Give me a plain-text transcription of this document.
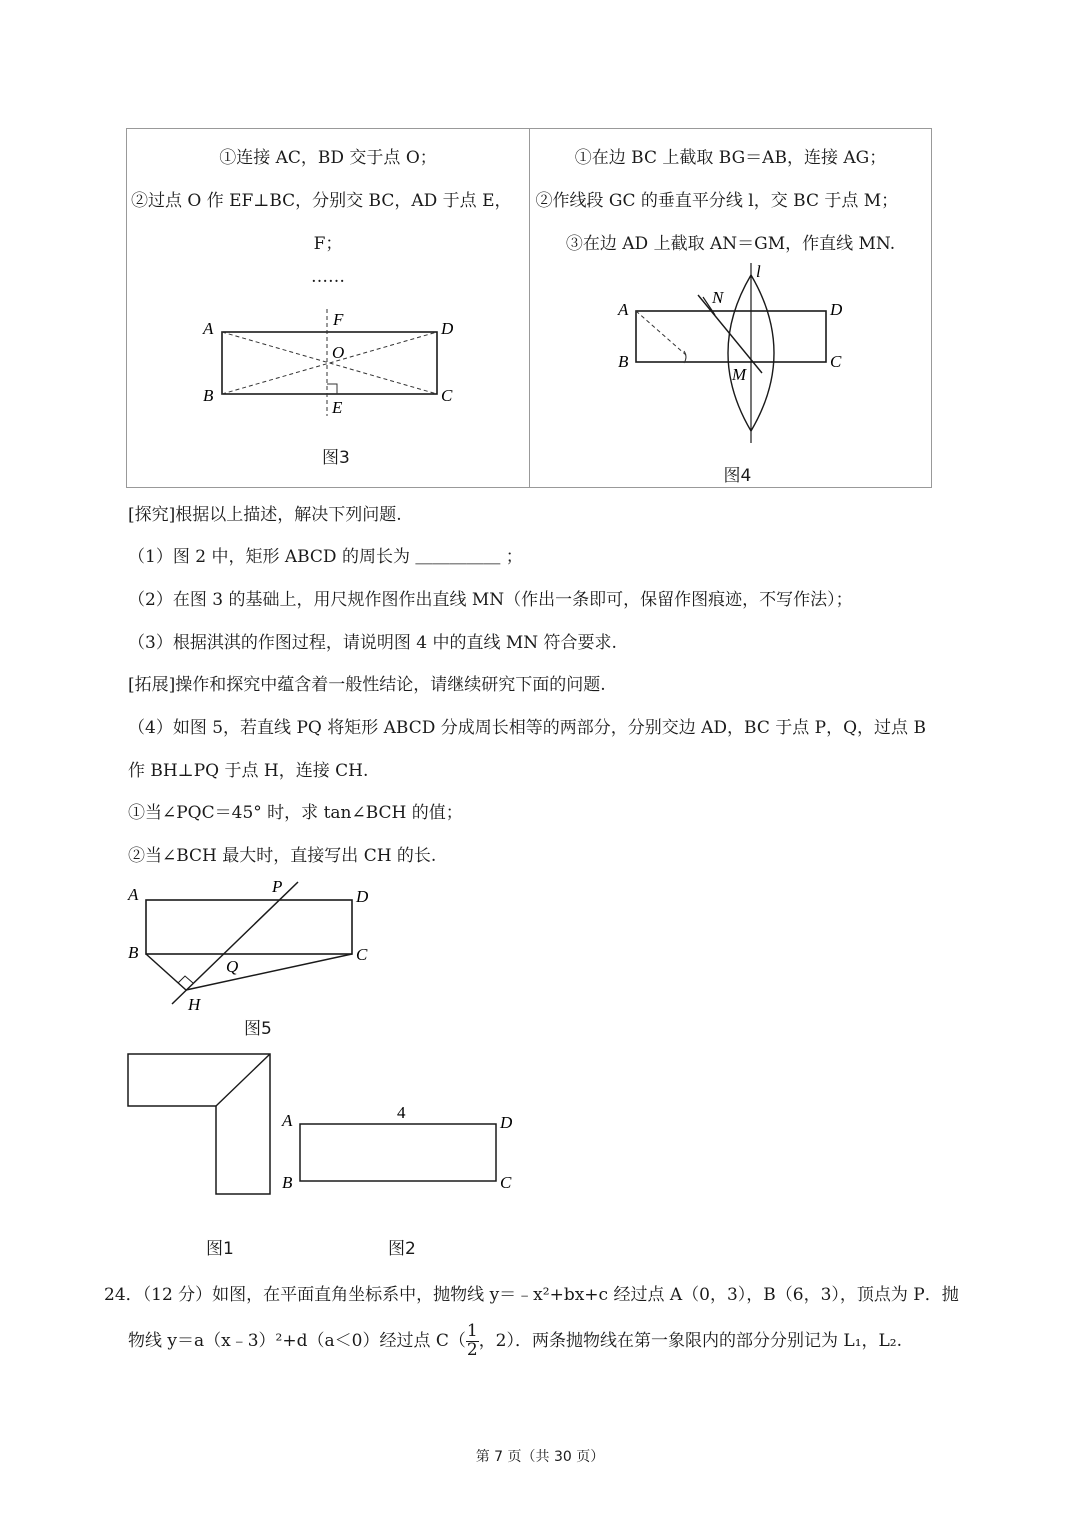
①连接 AC，BD 交于点 O；
②过点 O 作 EF⊥BC，分别交 BC，AD 于点 E，
F；
……
A
B	C
D
F
O
E
图3

①在边 BC 上截取 BG＝AB，连接 AG；
②作线段 GC 的垂直平分线 l，交 BC 于点 M；
③在边 AD 上截取 AN＝GM，作直线 MN.
A
B	C
D
N
M
l
图4
[探究]根据以上描述，解决下列问题.
（1）图 2 中，矩形 ABCD 的周长为 ＿＿＿＿＿ ；
（2）在图 3 的基础上，用尺规作图作出直线 MN（作出一条即可，保留作图痕迹，不写作法）；
（3）根据淇淇的作图过程，请说明图 4 中的直线 MN 符合要求.
[拓展]操作和探究中蕴含着一般性结论，请继续研究下面的问题.
（4）如图 5，若直线 PQ 将矩形 ABCD 分成周长相等的两部分，分别交边 AD，BC 于点 P，Q，过点 B
作 BH⊥PQ 于点 H，连接 CH.
①当∠PQC＝45° 时，求 tan∠BCH 的值；
②当∠BCH 最大时，直接写出 CH 的长.
A
B	C
D
P
Q
H
图5
4
A
B	C
D
图1	图2
24．（12 分）如图，在平面直角坐标系中，抛物线 y＝﹣x²+bx+c 经过点 A（0，3），B（6，3），顶点为 P．抛
物线 y＝a（x﹣3）²+d（a＜0）经过点 $C( \frac{1}{2}$ ，2）．两条抛物线在第一象限内的部分分别记为 L₁，L₂.
第 7 页（共 30 页）
